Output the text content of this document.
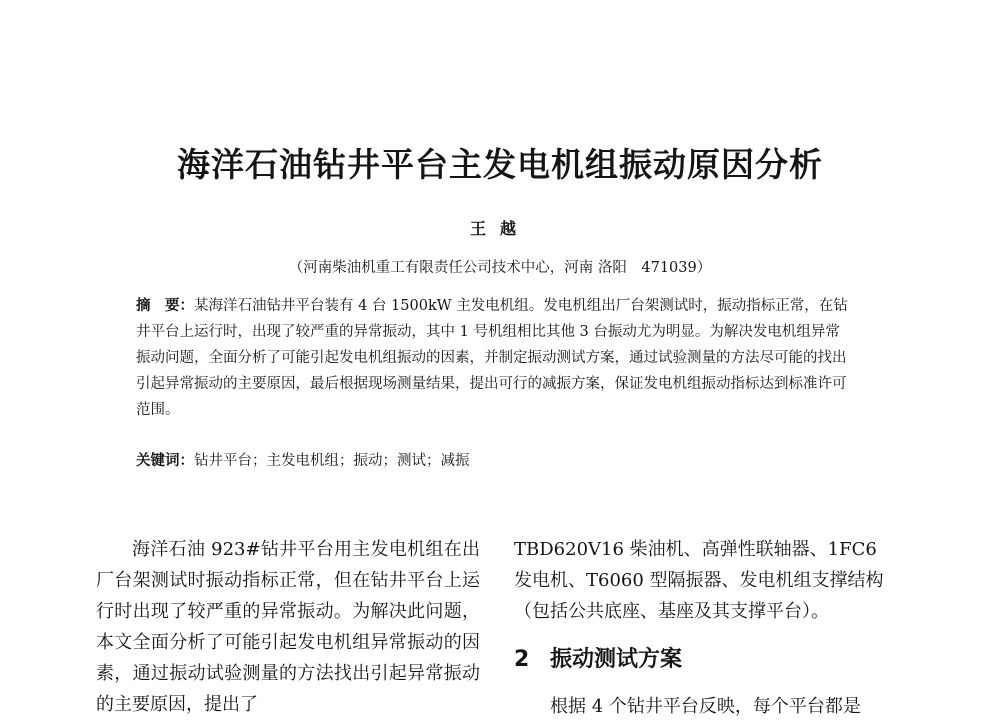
海洋石油钻井平台主发电机组振动原因分析
王越
（河南柴油机重工有限责任公司技术中心，河南 洛阳　471039）

摘　要：某海洋石油钻井平台装有 4 台 1500kW 主发电机组。发电机组出厂台架测试时，振动指标正常，在钻井平台上运行时，出现了较严重的异常振动，其中 1 号机组相比其他 3 台振动尤为明显。为解决发电机组异常振动问题，全面分析了可能引起发电机组振动的因素，并制定振动测试方案，通过试验测量的方法尽可能的找出引起异常振动的主要原因，最后根据现场测量结果，提出可行的减振方案，保证发电机组振动指标达到标准许可范围。

关键词：钻井平台；主发电机组；振动；测试；减振

海洋石油 923#钻井平台用主发电机组在出厂台架测试时振动指标正常，但在钻井平台上运行时出现了较严重的异常振动。为解决此问题，本文全面分析了可能引起发电机组异常振动的因素，通过振动试验测量的方法找出引起异常振动的主要原因，提出了

TBD620V16 柴油机、高弹性联轴器、1FC6 发电机、T6060 型隔振器、发电机组支撑结构（包括公共底座、基座及其支撑平台）。

2 振动测试方案

根据 4 个钻井平台反映，每个平台都是
